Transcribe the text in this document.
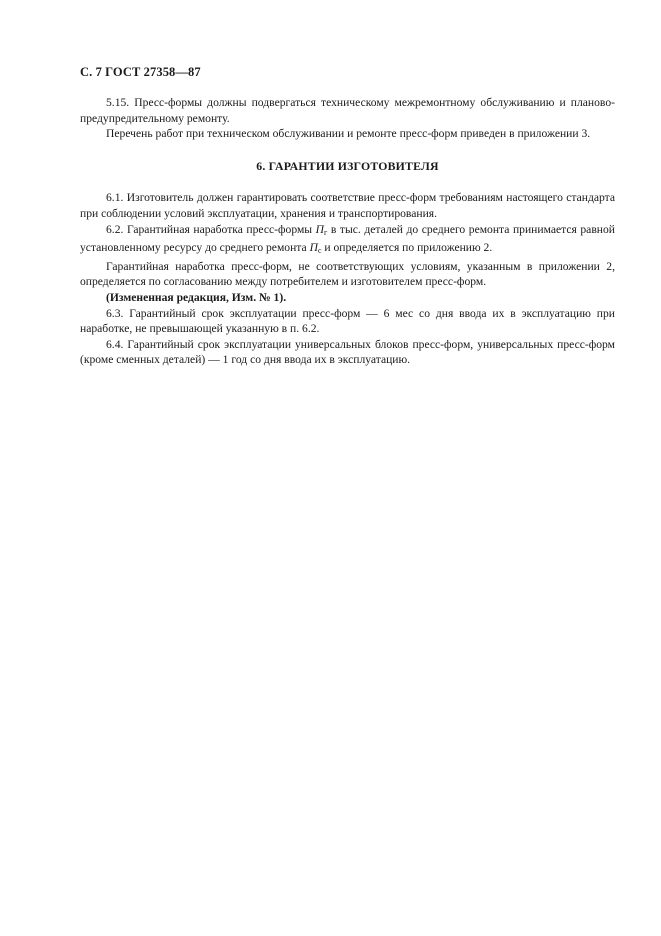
С. 7 ГОСТ 27358—87

5.15. Пресс-формы должны подвергаться техническому межремонтному обслуживанию и планово-предупредительному ремонту.

Перечень работ при техническом обслуживании и ремонте пресс-форм приведен в приложении 3.

6. ГАРАНТИИ ИЗГОТОВИТЕЛЯ

6.1. Изготовитель должен гарантировать соответствие пресс-форм требованиям настоящего стандарта при соблюдении условий эксплуатации, хранения и транспортирования.

6.2. Гарантийная наработка пресс-формы $П_г$ в тыс. деталей до среднего ремонта принимается равной установленному ресурсу до среднего ремонта $П_с$ и определяется по приложению 2.

Гарантийная наработка пресс-форм, не соответствующих условиям, указанным в приложении 2, определяется по согласованию между потребителем и изготовителем пресс-форм.

(Измененная редакция, Изм. № 1).

6.3. Гарантийный срок эксплуатации пресс-форм — 6 мес со дня ввода их в эксплуатацию при наработке, не превышающей указанную в п. 6.2.

6.4. Гарантийный срок эксплуатации универсальных блоков пресс-форм, универсальных пресс-форм (кроме сменных деталей) — 1 год со дня ввода их в эксплуатацию.
